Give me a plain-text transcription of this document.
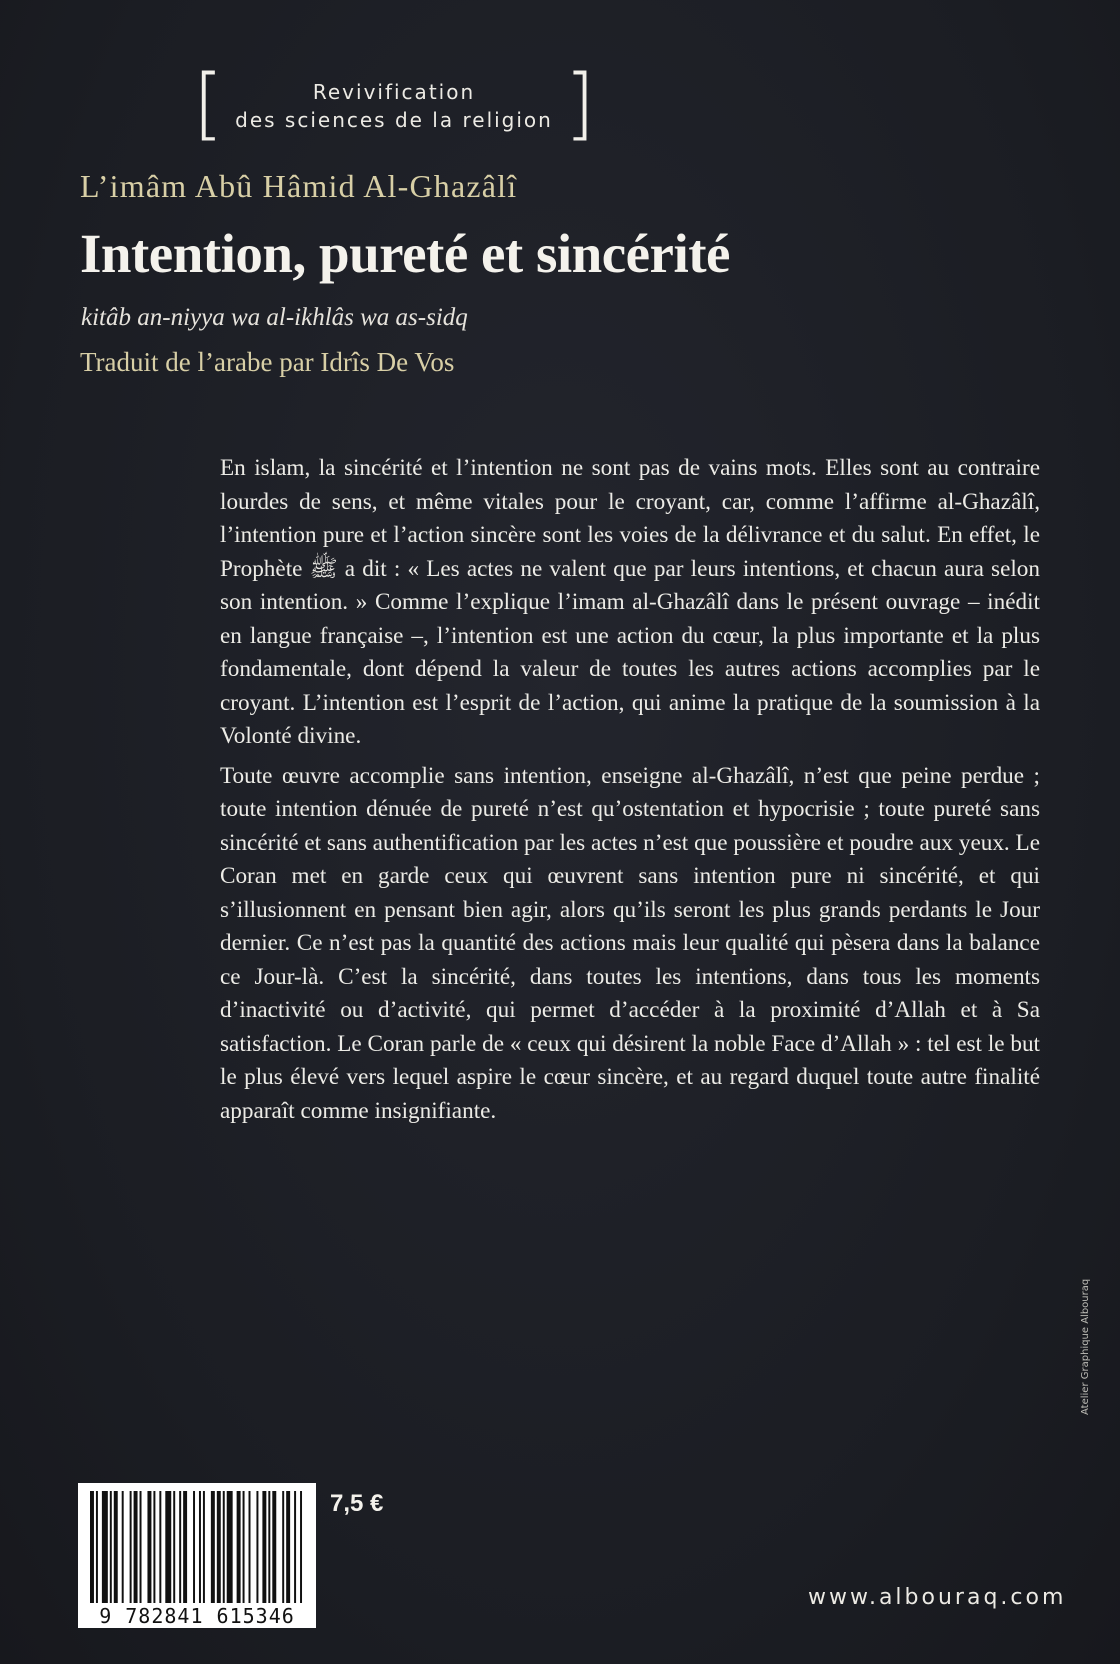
[	Revivification
des sciences de la religion ]
L’imâm Abû Hâmid Al-Ghazâlî
Intention, pureté et sincérité
kitâb an-niyya wa al-ikhlâs wa as-sidq
Traduit de l’arabe par Idrîs De Vos

En islam, la sincérité et l’intention ne sont pas de vains mots. Elles sont au contraire lourdes de sens, et même vitales pour le croyant, car, comme l’affirme al-Ghazâlî, l’intention pure et l’action sincère sont les voies de la délivrance et du salut. En effet, le Prophète ﷺ a dit : « Les actes ne valent que par leurs intentions, et chacun aura selon son intention. » Comme l’explique l’imam al-Ghazâlî dans le présent ouvrage – inédit en langue française –, l’intention est une action du cœur, la plus importante et la plus fondamentale, dont dépend la valeur de toutes les autres actions accomplies par le croyant. L’intention est l’esprit de l’action, qui anime la pratique de la soumission à la Volonté divine.

Toute œuvre accomplie sans intention, enseigne al-Ghazâlî, n’est que peine perdue ; toute intention dénuée de pureté n’est qu’ostentation et hypocrisie ; toute pureté sans sincérité et sans authentification par les actes n’est que poussière et poudre aux yeux. Le Coran met en garde ceux qui œuvrent sans intention pure ni sincérité, et qui s’illusionnent en pensant bien agir, alors qu’ils seront les plus grands perdants le Jour dernier. Ce n’est pas la quantité des actions mais leur qualité qui pèsera dans la balance ce Jour-là. C’est la sincérité, dans toutes les intentions, dans tous les moments d’inactivité ou d’activité, qui permet d’accéder à la proximité d’Allah et à Sa satisfaction. Le Coran parle de « ceux qui désirent la noble Face d’Allah » : tel est le but le plus élevé vers lequel aspire le cœur sincère, et au regard duquel toute autre finalité apparaît comme insignifiante.

Atelier Graphique Albouraq
9 782841 615346
7,5 €
www.albouraq.com
